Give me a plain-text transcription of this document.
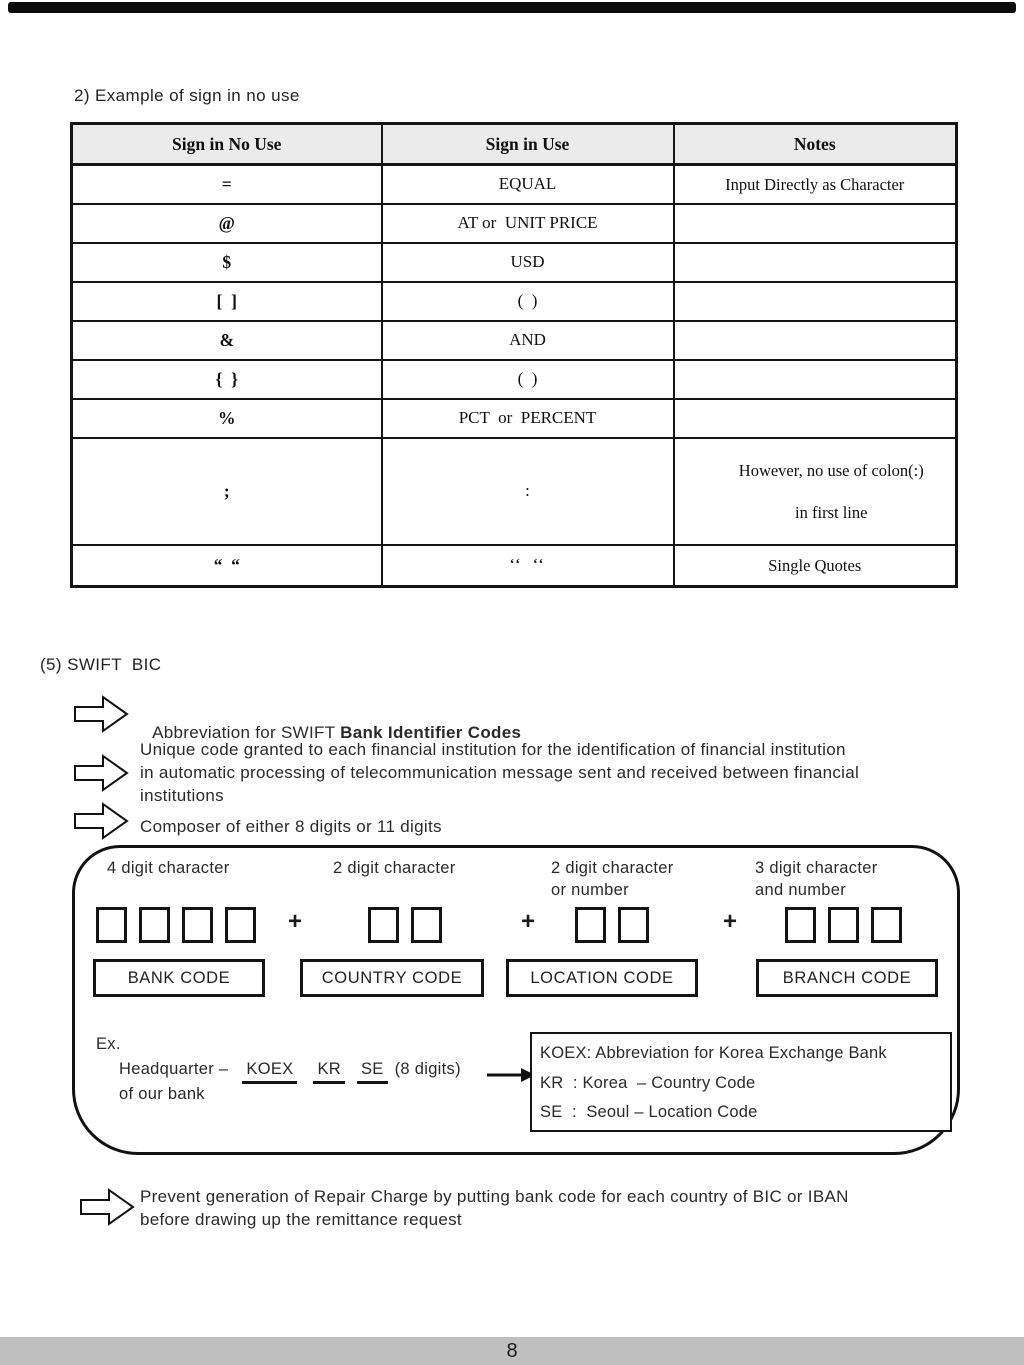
2) Example of sign in no use
Sign in No Use	Sign in Use	Notes
=	EQUAL	Input Directly as Character
@	AT or  UNIT PRICE	
$	USD	
[  ]	(  )	
&	AND	
{  }	(  )	
%	PCT  or  PERCENT	
;	:	However, no use of colon(:)

in first line

“  “	‘‘  ‘‘	Single Quotes
(5) SWIFT  BIC

Abbreviation for SWIFT Bank Identifier Codes

Unique code granted to each financial institution for the identification of financial institution
in automatic processing of telecommunication message sent and received between financial
institutions
Composer of either 8 digits or 11 digits
4 digit character	2 digit character	2 digit character
or number
3 digit character
and number
+	+	+
BANK CODE	COUNTRY CODE	LOCATION CODE	BRANCH CODE
Ex.
Headquarter – KOEX KR SE (8 digits)
of our bank
KOEX: Abbreviation for Korea Exchange Bank
KR  : Korea  – Country Code
SE  :  Seoul – Location Code
Prevent generation of Repair Charge by putting bank code for each country of BIC or IBAN
before drawing up the remittance request
8
